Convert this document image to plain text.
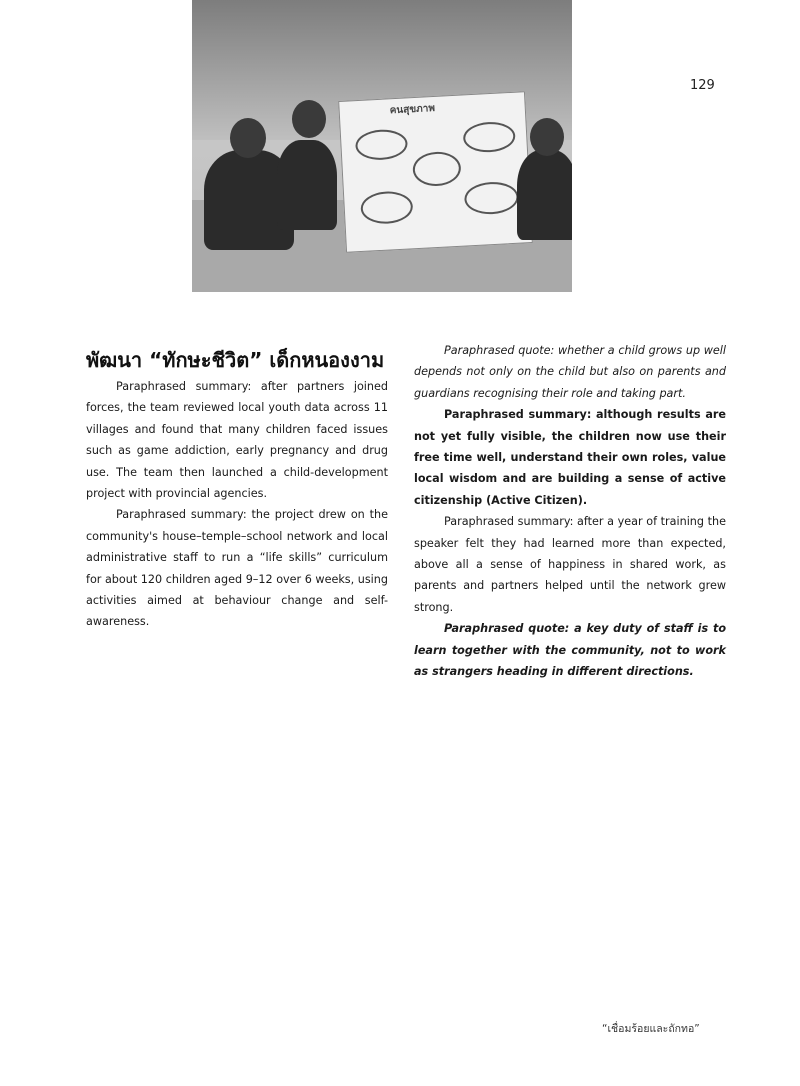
คนสุขภาพ
129
พัฒนา “ทักษะชีวิต” เด็กหนองงาม

Paraphrased summary: after partners joined forces, the team reviewed local youth data across 11 villages and found that many children faced issues such as game addiction, early pregnancy and drug use. The team then launched a child-development project with provincial agencies.

Paraphrased summary: the project drew on the community's house–temple–school network and local administrative staff to run a “life skills” curriculum for about 120 children aged 9–12 over 6 weeks, using activities aimed at behaviour change and self-awareness.

Paraphrased quote: whether a child grows up well depends not only on the child but also on parents and guardians recognising their role and taking part.

Paraphrased summary: although results are not yet fully visible, the children now use their free time well, understand their own roles, value local wisdom and are building a sense of active citizenship (Active Citizen).

Paraphrased summary: after a year of training the speaker felt they had learned more than expected, above all a sense of happiness in shared work, as parents and partners helped until the network grew strong.

Paraphrased quote: a key duty of staff is to learn together with the community, not to work as strangers heading in different directions.

“เชื่อมร้อยและถักทอ”
